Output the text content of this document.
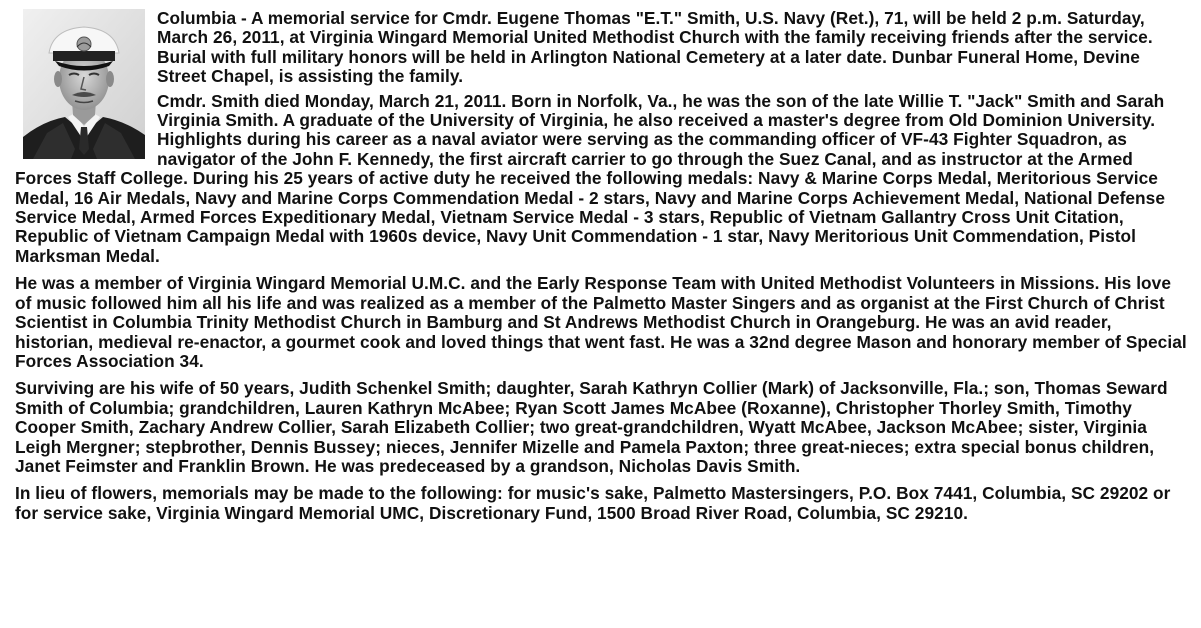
Columbia - A memorial service for Cmdr. Eugene Thomas "E.T." Smith, U.S. Navy (Ret.), 71, will be held 2 p.m. Saturday, March 26, 2011, at Virginia Wingard Memorial United Methodist Church with the family receiving friends after the service. Burial with full military honors will be held in Arlington National Cemetery at a later date. Dunbar Funeral Home, Devine Street Chapel, is assisting the family.

Cmdr. Smith died Monday, March 21, 2011. Born in Norfolk, Va., he was the son of the late Willie T. "Jack" Smith and Sarah Virginia Smith. A graduate of the University of Virginia, he also received a master's degree from Old Dominion University. Highlights during his career as a naval aviator were serving as the commanding officer of VF-43 Fighter Squadron, as navigator of the John F. Kennedy, the first aircraft carrier to go through the Suez Canal, and as instructor at the Armed Forces Staff College. During his 25 years of active duty he received the following medals: Navy & Marine Corps Medal, Meritorious Service Medal, 16 Air Medals, Navy and Marine Corps Commendation Medal - 2 stars, Navy and Marine Corps Achievement Medal, National Defense Service Medal, Armed Forces Expeditionary Medal, Vietnam Service Medal - 3 stars, Republic of Vietnam Gallantry Cross Unit Citation, Republic of Vietnam Campaign Medal with 1960s device, Navy Unit Commendation - 1 star, Navy Meritorious Unit Commendation, Pistol Marksman Medal.

He was a member of Virginia Wingard Memorial U.M.C. and the Early Response Team with United Methodist Volunteers in Missions. His love of music followed him all his life and was realized as a member of the Palmetto Master Singers and as organist at the First Church of Christ Scientist in Columbia Trinity Methodist Church in Bamburg and St Andrews Methodist Church in Orangeburg. He was an avid reader, historian, medieval re-enactor, a gourmet cook and loved things that went fast. He was a 32nd degree Mason and honorary member of Special Forces Association 34.

Surviving are his wife of 50 years, Judith Schenkel Smith; daughter, Sarah Kathryn Collier (Mark) of Jacksonville, Fla.; son, Thomas Seward Smith of Columbia; grandchildren, Lauren Kathryn McAbee; Ryan Scott James McAbee (Roxanne), Christopher Thorley Smith, Timothy Cooper Smith, Zachary Andrew Collier, Sarah Elizabeth Collier; two great-grandchildren, Wyatt McAbee, Jackson McAbee; sister, Virginia Leigh Mergner; stepbrother, Dennis Bussey; nieces, Jennifer Mizelle and Pamela Paxton; three great-nieces; extra special bonus children, Janet Feimster and Franklin Brown. He was predeceased by a grandson, Nicholas Davis Smith.

In lieu of flowers, memorials may be made to the following: for music's sake, Palmetto Mastersingers, P.O. Box 7441, Columbia, SC 29202 or for service sake, Virginia Wingard Memorial UMC, Discretionary Fund, 1500 Broad River Road, Columbia, SC 29210.
